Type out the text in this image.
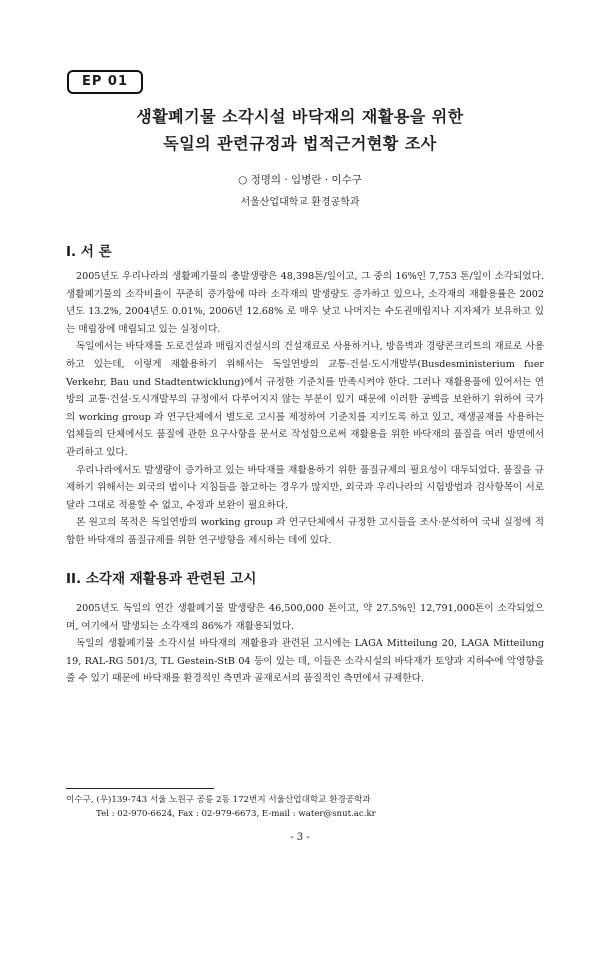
EP 01
생활폐기물 소각시설 바닥재의 재활용을 위한
독일의 관련규정과 법적근거현황 조사
○ 정명의 · 임병란 · 이수구
서울산업대학교 환경공학과
I. 서 론

2005년도 우리나라의 생활폐기물의 총발생량은 48,398톤/일이고, 그 중의 16%인 7,753 톤/일이 소각되었다. 생활폐기물의 소각비율이 꾸준히 증가함에 따라 소각재의 발생량도 증가하고 있으나, 소각재의 재활용률은 2002년도 13.2%, 2004년도 0.01%, 2006년 12.68% 로 매우 낮고 나머지는 수도권매립지나 지자체가 보유하고 있는 매립장에 매립되고 있는 실정이다.

독일에서는 바닥재를 도로건설과 매립지건설시의 건설재료로 사용하거나, 방음벽과 경량콘크리트의 재료로 사용하고 있는데, 이렇게 재활용하기 위해서는 독일연방의 교통·건설·도시개발부(Busdesministerium fuer Verkehr, Bau und Stadtentwicklung)에서 규정한 기준치를 만족시켜야 한다. 그러나 재활용품에 있어서는 연방의 교통·건설·도시개발부의 규정에서 다루어지지 않는 부분이 있기 때문에 이러한 공백을 보완하기 위하여 국가의 working group 과 연구단체에서 별도로 고시를 제정하여 기준치를 지키도록 하고 있고, 재생골재를 사용하는 업체들의 단체에서도 품질에 관한 요구사항을 문서로 작성함으로써 재활용을 위한 바닥재의 품질을 여러 방면에서 관리하고 있다.

우리나라에서도 발생량이 증가하고 있는 바닥재를 재활용하기 위한 품질규제의 필요성이 대두되었다. 품질을 규제하기 위해서는 외국의 법이나 지침들을 참고하는 경우가 많지만, 외국과 우리나라의 시험방법과 검사항목이 서로 달라 그대로 적용할 수 없고, 수정과 보완이 필요하다.

본 원고의 목적은 독일연방의 working group 과 연구단체에서 규정한 고시들을 조사·분석하여 국내 실정에 적합한 바닥재의 품질규제를 위한 연구방향을 제시하는 데에 있다.

II. 소각재 재활용과 관련된 고시

2005년도 독일의 연간 생활폐기물 발생량은 46,500,000 톤이고, 약 27.5%인 12,791,000톤이 소각되었으며, 여기에서 발생되는 소각재의 86%가 재활용되었다.

독일의 생활폐기물 소각시설 바닥재의 재활용과 관련된 고시에는 LAGA Mitteilung 20, LAGA Mitteilung 19, RAL-RG 501/3, TL Gestein-StB 04 등이 있는 데, 이들은 소각시설의 바닥재가 토양과 지하수에 악영향을 줄 수 있기 때문에 바닥재를 환경적인 측면과 골재로서의 품질적인 측면에서 규제한다.

이수구, (우)139-743 서울 노원구 공릉 2동 172번지 서울산업대학교 환경공학과
Tel : 02-970-6624, Fax : 02-979-6673, E-mail : water@snut.ac.kr
- 3 -
